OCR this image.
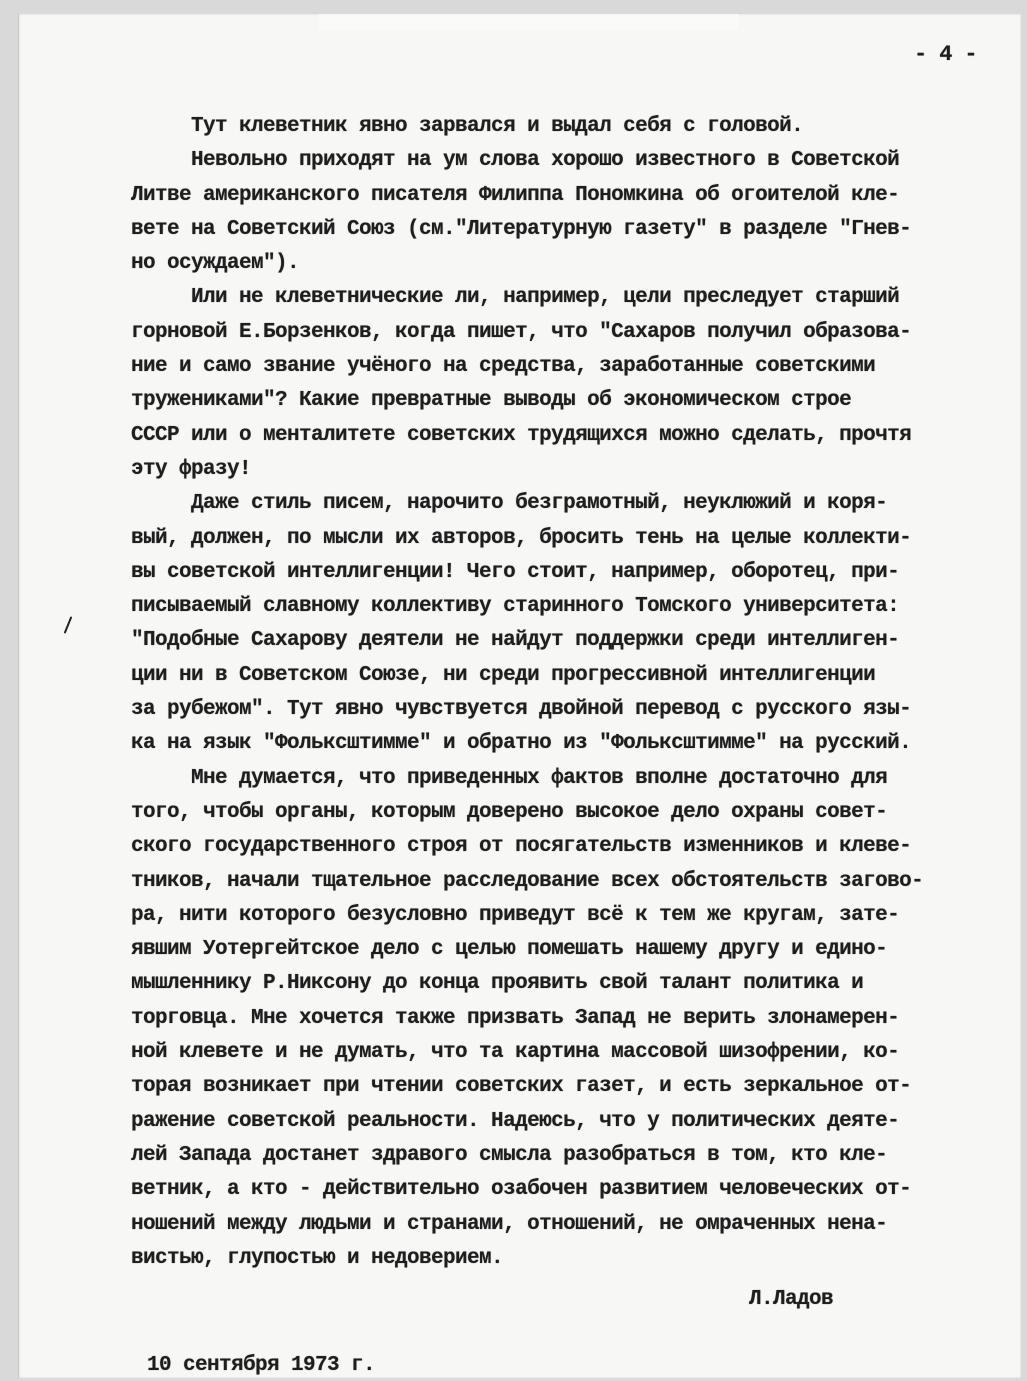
- 4 -
Тут клеветник явно зарвался и выдал себя с головой.
Невольно приходят на ум слова хорошо известного в Советской
Литве американского писателя Филиппа Пономкина об огоителой кле-
вете на Советский Союз (см."Литературную газету" в разделе "Гнев-
но осуждаем").
Или не клеветнические ли, например, цели преследует старший
горновой Е.Борзенков, когда пишет, что "Сахаров получил образова-
ние и само звание учёного на средства, заработанные советскими
тружениками"? Какие превратные выводы об экономическом строе
СССР или о менталитете советских трудящихся можно сделать, прочтя
эту фразу!
Даже стиль писем, нарочито безграмотный, неуклюжий и коря-
вый, должен, по мысли их авторов, бросить тень на целые коллекти-
вы советской интеллигенции! Чего стоит, например, оборотец, при-
писываемый славному коллективу старинного Томского университета:
"Подобные Сахарову деятели не найдут поддержки среди интеллиген-
ции ни в Советском Союзе, ни среди прогрессивной интеллигенции
за рубежом". Тут явно чувствуется двойной перевод с русского язы-
ка на язык "Фольксштимме" и обратно из "Фольксштимме" на русский.
Мне думается, что приведенных фактов вполне достаточно для
того, чтобы органы, которым доверено высокое дело охраны совет-
ского государственного строя от посягательств изменников и клеве-
тников, начали тщательное расследование всех обстоятельств загово-
ра, нити которого безусловно приведут всё к тем же кругам, зате-
явшим Уотергейтское дело с целью помешать нашему другу и едино-
мышленнику Р.Никсону до конца проявить свой талант политика и
торговца. Мне хочется также призвать Запад не верить злонамерен-
ной клевете и не думать, что та картина массовой шизофрении, ко-
торая возникает при чтении советских газет, и есть зеркальное от-
ражение советской реальности. Надеюсь, что у политических деяте-
лей Запада достанет здравого смысла разобраться в том, кто кле-
ветник, а кто - действительно озабочен развитием человеческих от-
ношений между людьми и странами, отношений, не омраченных нена-
вистью, глупостью и недоверием.
Л.Ладов
10 сентября 1973 г.
